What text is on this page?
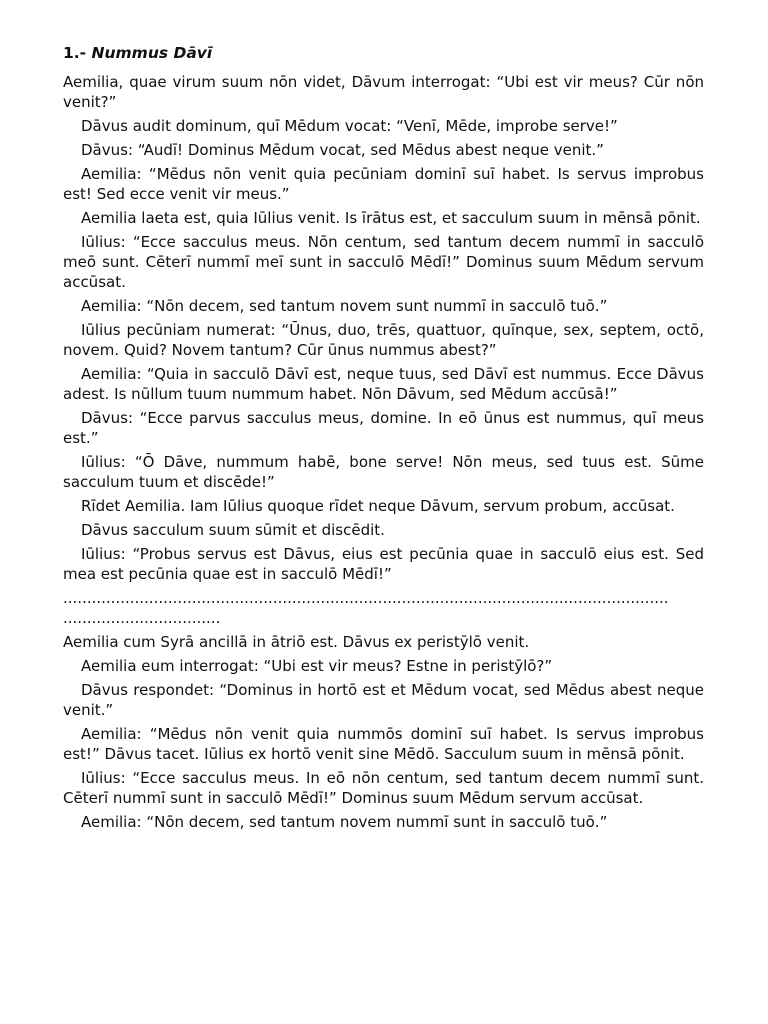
1.- Nummus Dāvī

Aemilia, quae virum suum nōn videt, Dāvum interrogat: “Ubi est vir meus? Cūr nōn venit?”

Dāvus audit dominum, quī Mēdum vocat: “Venī, Mēde, improbe serve!”

Dāvus: “Audī! Dominus Mēdum vocat, sed Mēdus abest neque venit.”

Aemilia: “Mēdus nōn venit quia pecūniam dominī suī habet. Is servus improbus est! Sed ecce venit vir meus.”

Aemilia laeta est, quia Iūlius venit. Is īrātus est, et sacculum suum in mēnsā pōnit.

Iūlius: “Ecce sacculus meus. Nōn centum, sed tantum decem nummī in sacculō meō sunt. Cēterī nummī meī sunt in sacculō Mēdī!” Dominus suum Mēdum servum accūsat.

Aemilia: “Nōn decem, sed tantum novem sunt nummī in sacculō tuō.”

Iūlius pecūniam numerat: “Ūnus, duo, trēs, quattuor, quīnque, sex, septem, octō, novem. Quid? Novem tantum? Cūr ūnus nummus abest?”

Aemilia: “Quia in sacculō Dāvī est, neque tuus, sed Dāvī est nummus. Ecce Dāvus adest. Is nūllum tuum nummum habet. Nōn Dāvum, sed Mēdum accūsā!”

Dāvus: “Ecce parvus sacculus meus, domine. In eō ūnus est nummus, quī meus est.”

Iūlius: “Ō Dāve, nummum habē, bone serve! Nōn meus, sed tuus est. Sūme sacculum tuum et discēde!”

Rīdet Aemilia. Iam Iūlius quoque rīdet neque Dāvum, servum probum, accūsat.

Dāvus sacculum suum sūmit et discēdit.

Iūlius: “Probus servus est Dāvus, eius est pecūnia quae in sacculō eius est. Sed mea est pecūnia quae est in sacculō Mēdī!”

...............................................................................................................................
.................................

Aemilia cum Syrā ancillā in ātriō est. Dāvus ex peristȳlō venit.

Aemilia eum interrogat: “Ubi est vir meus? Estne in peristȳlō?”

Dāvus respondet: “Dominus in hortō est et Mēdum vocat, sed Mēdus abest neque venit.”

Aemilia: “Mēdus nōn venit quia nummōs dominī suī habet. Is servus improbus est!” Dāvus tacet. Iūlius ex hortō venit sine Mēdō. Sacculum suum in mēnsā pōnit.

Iūlius: “Ecce sacculus meus. In eō nōn centum, sed tantum decem nummī sunt. Cēterī nummī sunt in sacculō Mēdī!” Dominus suum Mēdum servum accūsat.

Aemilia: “Nōn decem, sed tantum novem nummī sunt in sacculō tuō.”
